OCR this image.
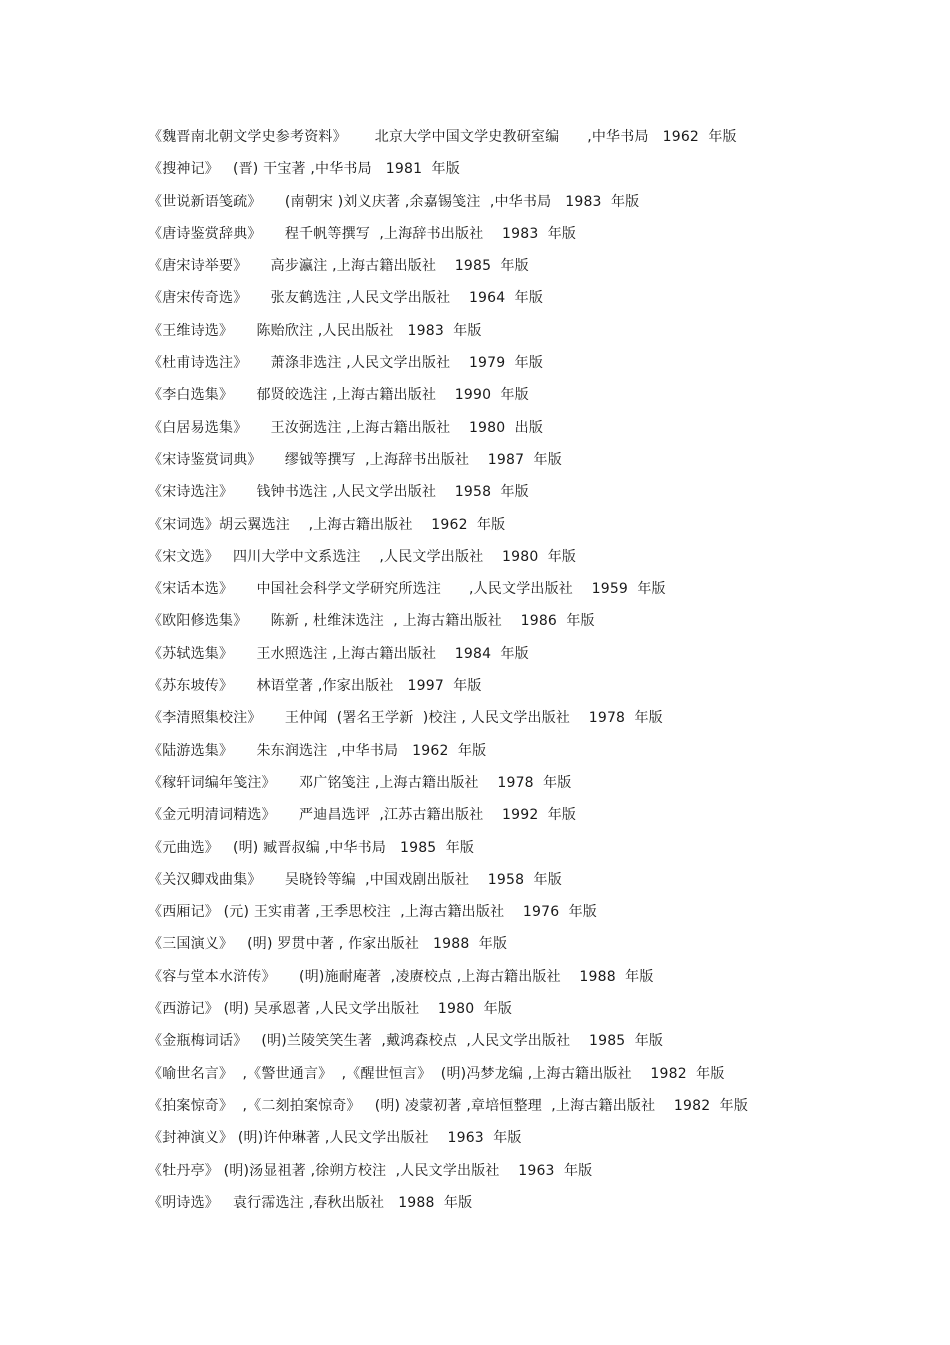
《魏晋南北朝文学史参考资料》      北京大学中国文学史教研室编      ,中华书局   1962  年版
《搜神记》   (晋) 干宝著 ,中华书局   1981  年版
《世说新语笺疏》     (南朝宋 )刘义庆著 ,余嘉锡笺注  ,中华书局   1983  年版
《唐诗鉴赏辞典》     程千帆等撰写  ,上海辞书出版社    1983  年版
《唐宋诗举要》     高步瀛注 ,上海古籍出版社    1985  年版
《唐宋传奇选》     张友鹤选注 ,人民文学出版社    1964  年版
《王维诗选》     陈贻欣注 ,人民出版社   1983  年版
《杜甫诗选注》     萧涤非选注 ,人民文学出版社    1979  年版
《李白选集》     郁贤皎选注 ,上海古籍出版社    1990  年版
《白居易选集》     王汝弼选注 ,上海古籍出版社    1980  出版
《宋诗鉴赏词典》     缪钺等撰写  ,上海辞书出版社    1987  年版
《宋诗选注》     钱钟书选注 ,人民文学出版社    1958  年版
《宋词选》胡云翼选注    ,上海古籍出版社    1962  年版
《宋文选》   四川大学中文系选注    ,人民文学出版社    1980  年版
《宋话本选》     中国社会科学文学研究所选注      ,人民文学出版社    1959  年版
《欧阳修选集》     陈新 , 杜维沫选注  , 上海古籍出版社    1986  年版
《苏轼选集》     王水照选注 ,上海古籍出版社    1984  年版
《苏东坡传》     林语堂著 ,作家出版社   1997  年版
《李清照集校注》     王仲闻  (署名王学新  )校注 , 人民文学出版社    1978  年版
《陆游选集》     朱东润选注  ,中华书局   1962  年版
《稼轩词编年笺注》     邓广铭笺注 ,上海古籍出版社    1978  年版
《金元明清词精选》     严迪昌选评  ,江苏古籍出版社    1992  年版
《元曲选》   (明) 臧晋叔编 ,中华书局   1985  年版
《关汉卿戏曲集》     吴晓铃等编  ,中国戏剧出版社    1958  年版
《西厢记》 (元) 王实甫著 ,王季思校注  ,上海古籍出版社    1976  年版
《三国演义》   (明) 罗贯中著 , 作家出版社   1988  年版
《容与堂本水浒传》     (明)施耐庵著  ,凌赓校点 ,上海古籍出版社    1988  年版
《西游记》 (明) 吴承恩著 ,人民文学出版社    1980  年版
《金瓶梅词话》   (明)兰陵笑笑生著  ,戴鸿森校点  ,人民文学出版社    1985  年版
《喻世名言》  ,《警世通言》  ,《醒世恒言》  (明)冯梦龙编 ,上海古籍出版社    1982  年版
《拍案惊奇》  ,《二刻拍案惊奇》   (明) 凌蒙初著 ,章培恒整理  ,上海古籍出版社    1982  年版
《封神演义》 (明)许仲琳著 ,人民文学出版社    1963  年版
《牡丹亭》 (明)汤显祖著 ,徐朔方校注  ,人民文学出版社    1963  年版
《明诗选》   袁行霈选注 ,春秋出版社   1988  年版
